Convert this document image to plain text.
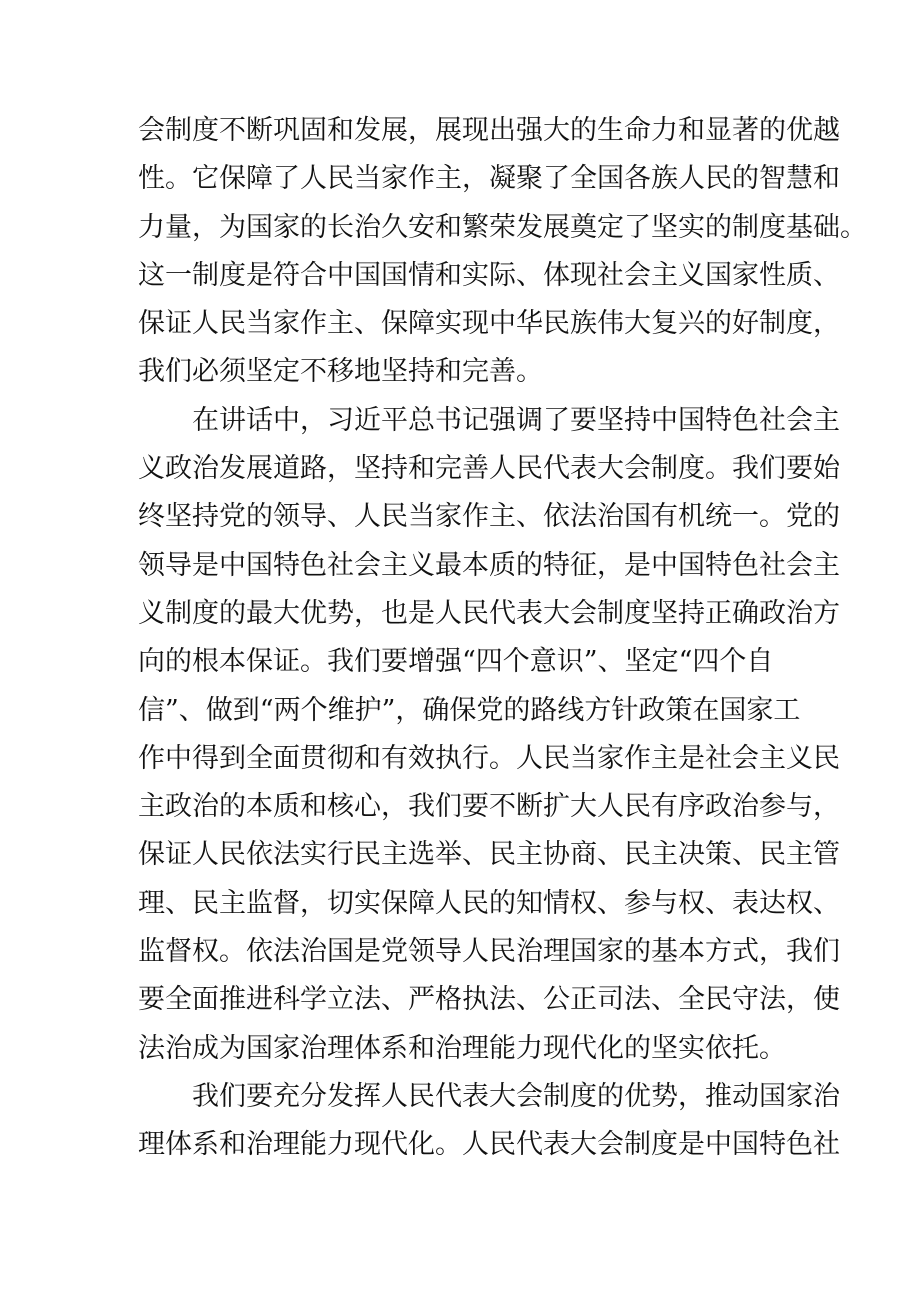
会制度不断巩固和发展，展现出强大的生命力和显著的优越
性。它保障了人民当家作主，凝聚了全国各族人民的智慧和
力量，为国家的长治久安和繁荣发展奠定了坚实的制度基础。
这一制度是符合中国国情和实际、体现社会主义国家性质、
保证人民当家作主、保障实现中华民族伟大复兴的好制度，
我们必须坚定不移地坚持和完善。
在讲话中，习近平总书记强调了要坚持中国特色社会主
义政治发展道路，坚持和完善人民代表大会制度。我们要始
终坚持党的领导、人民当家作主、依法治国有机统一。党的
领导是中国特色社会主义最本质的特征，是中国特色社会主
义制度的最大优势，也是人民代表大会制度坚持正确政治方
向的根本保证。我们要增强“四个意识”、坚定“四个自
信”、做到“两个维护”，确保党的路线方针政策在国家工
作中得到全面贯彻和有效执行。人民当家作主是社会主义民
主政治的本质和核心，我们要不断扩大人民有序政治参与，
保证人民依法实行民主选举、民主协商、民主决策、民主管
理、民主监督，切实保障人民的知情权、参与权、表达权、
监督权。依法治国是党领导人民治理国家的基本方式，我们
要全面推进科学立法、严格执法、公正司法、全民守法，使
法治成为国家治理体系和治理能力现代化的坚实依托。
我们要充分发挥人民代表大会制度的优势，推动国家治
理体系和治理能力现代化。人民代表大会制度是中国特色社
